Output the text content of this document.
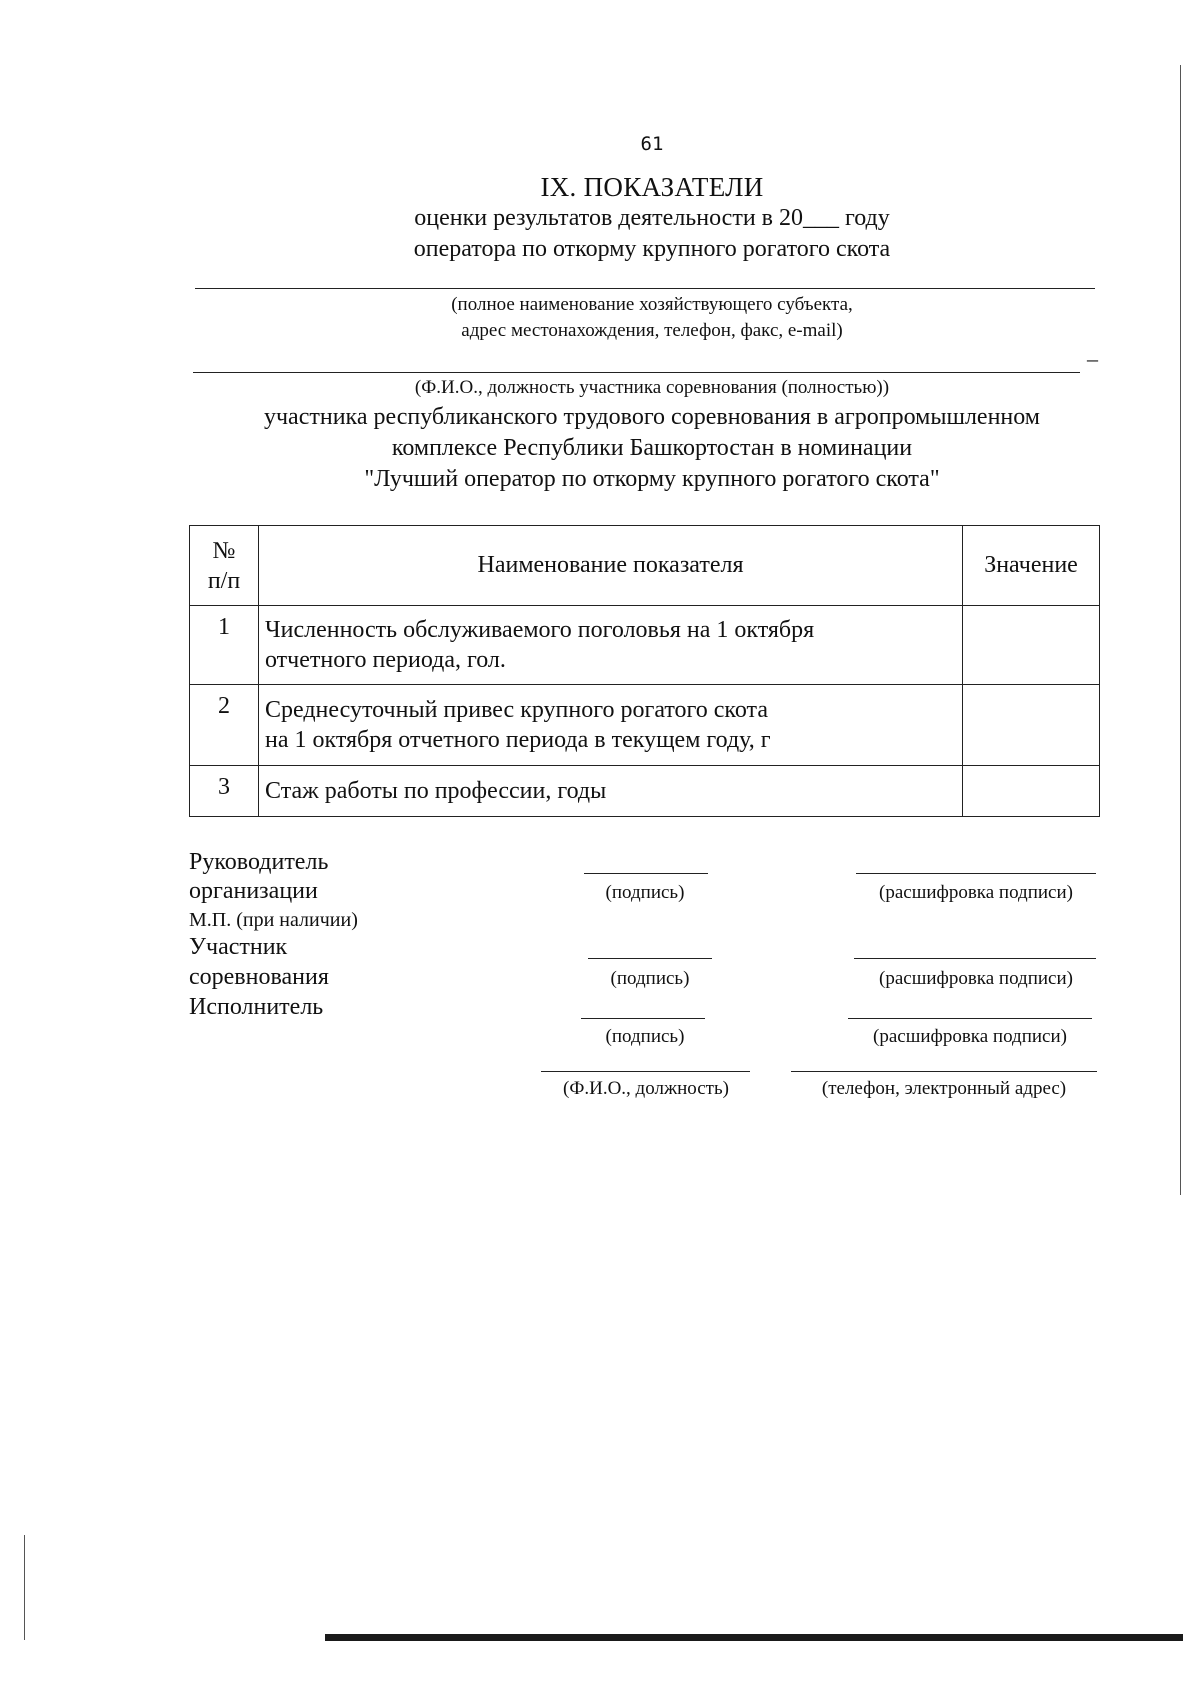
61
IX. ПОКАЗАТЕЛИ
оценки результатов деятельности в 20___ году
оператора по откорму крупного рогатого скота
(полное наименование хозяйствующего субъекта,
адрес местонахождения, телефон, факс, e-mail)
–
(Ф.И.О., должность участника соревнования (полностью))
участника республиканского трудового соревнования в агропромышленном
комплексе Республики Башкортостан в номинации
"Лучший оператор по откорму крупного рогатого скота"
№
п/п	Наименование показателя	Значение
1	Численность обслуживаемого поголовья на 1 октября
отчетного периода, гол.	
2	Среднесуточный привес крупного рогатого скота
на 1 октября отчетного периода в текущем году, г	
3	Стаж работы по профессии, годы	
Руководитель
организации
М.П. (при наличии)
Участник
соревнования
Исполнитель
(подпись)	(расшифровка подписи)
(подпись)	(расшифровка подписи)
(подпись)	(расшифровка подписи)
(Ф.И.О., должность)	(телефон, электронный адрес)
